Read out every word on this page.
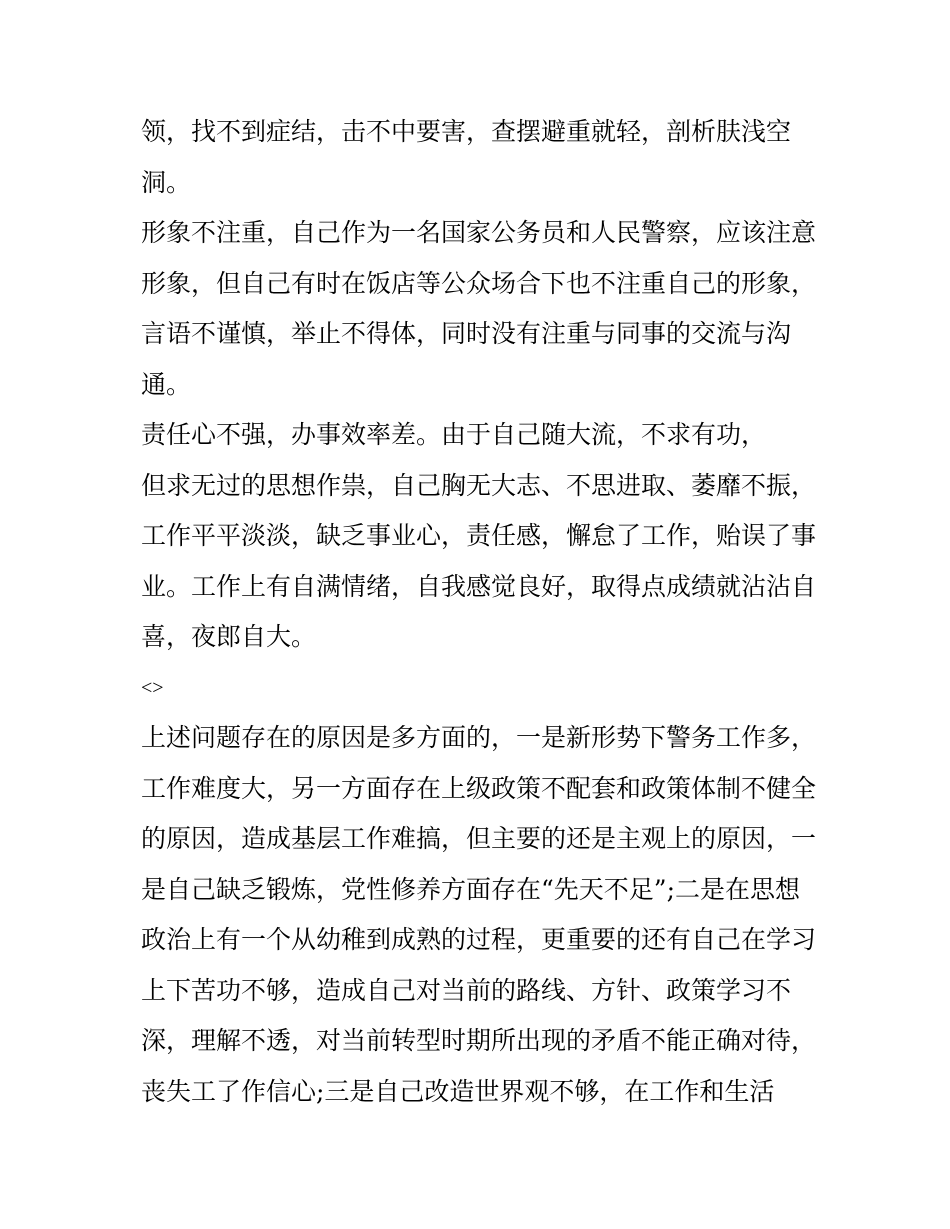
领，找不到症结，击不中要害，查摆避重就轻，剖析肤浅空
洞。
形象不注重，自己作为一名国家公务员和人民警察，应该注意
形象，但自己有时在饭店等公众场合下也不注重自己的形象，
言语不谨慎，举止不得体，同时没有注重与同事的交流与沟
通。
责任心不强，办事效率差。由于自己随大流，不求有功，
但求无过的思想作祟，自己胸无大志、不思进取、萎靡不振，
工作平平淡淡，缺乏事业心，责任感，懈怠了工作，贻误了事
业。工作上有自满情绪，自我感觉良好，取得点成绩就沾沾自
喜，夜郎自大。
<>
上述问题存在的原因是多方面的，一是新形势下警务工作多，
工作难度大，另一方面存在上级政策不配套和政策体制不健全
的原因，造成基层工作难搞，但主要的还是主观上的原因，一
是自己缺乏锻炼，党性修养方面存在“先天不足”;二是在思想
政治上有一个从幼稚到成熟的过程，更重要的还有自己在学习
上下苦功不够，造成自己对当前的路线、方针、政策学习不
深，理解不透，对当前转型时期所出现的矛盾不能正确对待，
丧失工了作信心;三是自己改造世界观不够，在工作和生活
